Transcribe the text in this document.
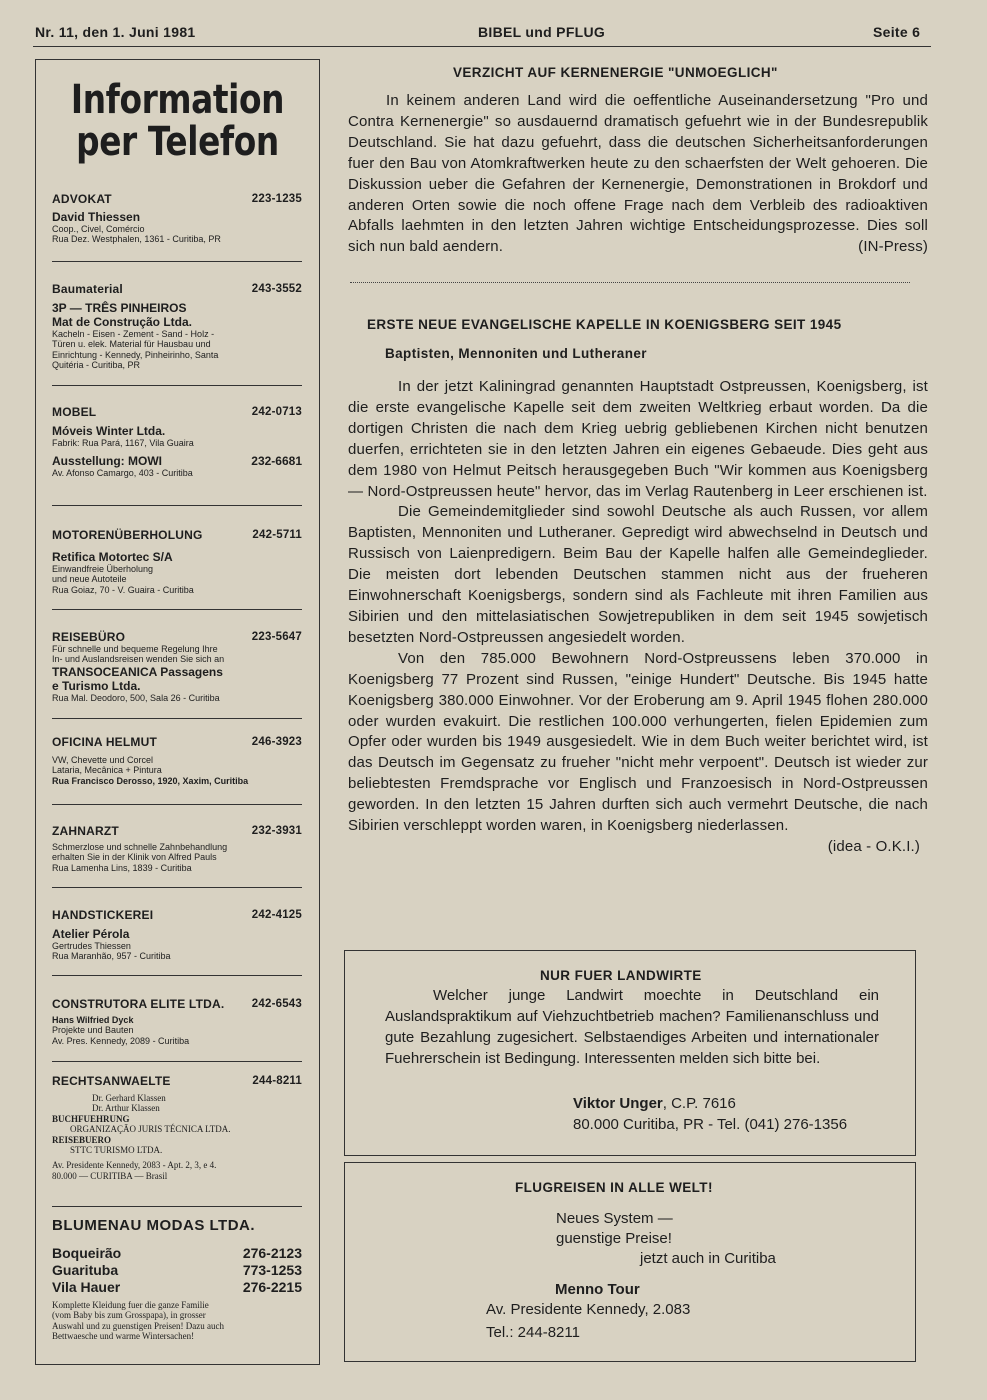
Nr. 11, den 1. Juni 1981	BIBEL und PFLUG	Seite 6
Information
per Telefon
ADVOKAT	223-1235
David Thiessen
Coop., Civel, Comércio
Rua Dez. Westphalen, 1361 - Curitiba, PR
Baumaterial	243-3552
3P — TRÊS PINHEIROS
Mat de Construção Ltda.
Kacheln - Eisen - Zement - Sand - Holz -
Türen u. elek. Material für Hausbau und
Einrichtung - Kennedy, Pinheirinho, Santa
Quitéria - Curitiba, PR
MOBEL	242-0713
Móveis Winter Ltda.
Fabrik: Rua Pará, 1167, Vila Guaira
Ausstellung: MOWI	232-6681
Av. Afonso Camargo, 403 - Curitiba
MOTORENÜBERHOLUNG	242-5711
Retifica Motortec S/A
Einwandfreie Überholung
und neue Autoteile
Rua Goiaz, 70 - V. Guaira - Curitiba
REISEBÜRO	223-5647
Für schnelle und bequeme Regelung Ihre
In- und Auslandsreisen wenden Sie sich an
TRANSOCEANICA Passagens
e Turismo Ltda.
Rua Mal. Deodoro, 500, Sala 26 - Curitiba
OFICINA HELMUT	246-3923
VW, Chevette und Corcel
Lataria, Mecânica + Pintura
Rua Francisco Derosso, 1920, Xaxim, Curitiba
ZAHNARZT	232-3931
Schmerzlose und schnelle Zahnbehandlung
erhalten Sie in der Klinik von Alfred Pauls
Rua Lamenha Lins, 1839 - Curitiba
HANDSTICKEREI	242-4125
Atelier Pérola
Gertrudes Thiessen
Rua Maranhão, 957 - Curitiba
CONSTRUTORA ELITE LTDA. 242-6543
Hans Wilfried Dyck
Projekte und Bauten
Av. Pres. Kennedy, 2089 - Curitiba
RECHTSANWAELTE	244-8211
Dr. Gerhard Klassen
Dr. Arthur Klassen
BUCHFUEHRUNG
ORGANIZAÇÃO JURIS TÉCNICA LTDA.
REISEBUERO
STTC TURISMO LTDA.
Av. Presidente Kennedy, 2083 - Apt. 2, 3, e 4.
80.000 — CURITIBA — Brasil
BLUMENAU MODAS LTDA.
Boqueirão	276-2123
Guarituba	773-1253
Vila Hauer	276-2215
Komplette Kleidung fuer die ganze Familie
(vom Baby bis zum Grosspapa), in grosser
Auswahl und zu guenstigen Preisen! Dazu auch
Bettwaesche und warme Wintersachen!
VERZICHT AUF KERNENERGIE "UNMOEGLICH"
In keinem anderen Land wird die oeffentliche Auseinandersetzung "Pro und Contra Kernenergie" so ausdauernd dramatisch gefuehrt wie in der Bundesrepublik Deutschland. Sie hat dazu gefuehrt, dass die deutschen Sicherheitsanforderungen fuer den Bau von Atomkraftwerken heute zu den schaerfsten der Welt gehoeren. Die Diskussion ueber die Gefahren der Kernenergie, Demonstrationen in Brokdorf und anderen Orten sowie die noch offene Frage nach dem Verbleib des radioaktiven Abfalls laehmten in den letzten Jahren wichtige Entscheidungsprozesse. Dies soll sich nun bald aendern.	(IN-Press)
ERSTE NEUE EVANGELISCHE KAPELLE IN KOENIGSBERG SEIT 1945
Baptisten, Mennoniten und Lutheraner
In der jetzt Kaliningrad genannten Hauptstadt Ostpreussen, Koenigsberg, ist die erste evangelische Kapelle seit dem zweiten Weltkrieg erbaut worden. Da die dortigen Christen die nach dem Krieg uebrig gebliebenen Kirchen nicht benutzen duerfen, errichteten sie in den letzten Jahren ein eigenes Gebaeude. Dies geht aus dem 1980 von Helmut Peitsch herausgegeben Buch "Wir kommen aus Koenigsberg — Nord-Ostpreussen heute" hervor, das im Verlag Rautenberg in Leer erschienen ist.
Die Gemeindemitglieder sind sowohl Deutsche als auch Russen, vor allem Baptisten, Mennoniten und Lutheraner. Gepredigt wird abwechselnd in Deutsch und Russisch von Laienpredigern. Beim Bau der Kapelle halfen alle Gemeindeglieder. Die meisten dort lebenden Deutschen stammen nicht aus der frueheren Einwohnerschaft Koenigsbergs, sondern sind als Fachleute mit ihren Familien aus Sibirien und den mittelasiatischen Sowjetrepubliken in dem seit 1945 sowjetisch besetzten Nord-Ostpreussen angesiedelt worden.
Von den 785.000 Bewohnern Nord-Ostpreussens leben 370.000 in Koenigsberg 77 Prozent sind Russen, "einige Hundert" Deutsche. Bis 1945 hatte Koenigsberg 380.000 Einwohner. Vor der Eroberung am 9. April 1945 flohen 280.000 oder wurden evakuirt. Die restlichen 100.000 verhungerten, fielen Epidemien zum Opfer oder wurden bis 1949 ausgesiedelt. Wie in dem Buch weiter berichtet wird, ist das Deutsch im Gegensatz zu frueher "nicht mehr verpoent". Deutsch ist wieder zur beliebtesten Fremdsprache vor Englisch und Franzoesisch in Nord-Ostpreussen geworden. In den letzten 15 Jahren durften sich auch vermehrt Deutsche, die nach Sibirien verschleppt worden waren, in Koenigsberg niederlassen.
(idea - O.K.I.)
NUR FUER LANDWIRTE
Welcher junge Landwirt moechte in Deutschland ein Auslandspraktikum auf Viehzuchtbetrieb machen? Familienanschluss und gute Bezahlung zugesichert. Selbstaendiges Arbeiten und internationaler Fuehrerschein ist Bedingung. Interessenten melden sich bitte bei.
Viktor Unger, C.P. 7616
80.000 Curitiba, PR - Tel. (041) 276-1356
FLUGREISEN IN ALLE WELT!
Neues System —
guenstige Preise!
jetzt auch in Curitiba
Menno Tour
Av. Presidente Kennedy, 2.083
Tel.: 244-8211
